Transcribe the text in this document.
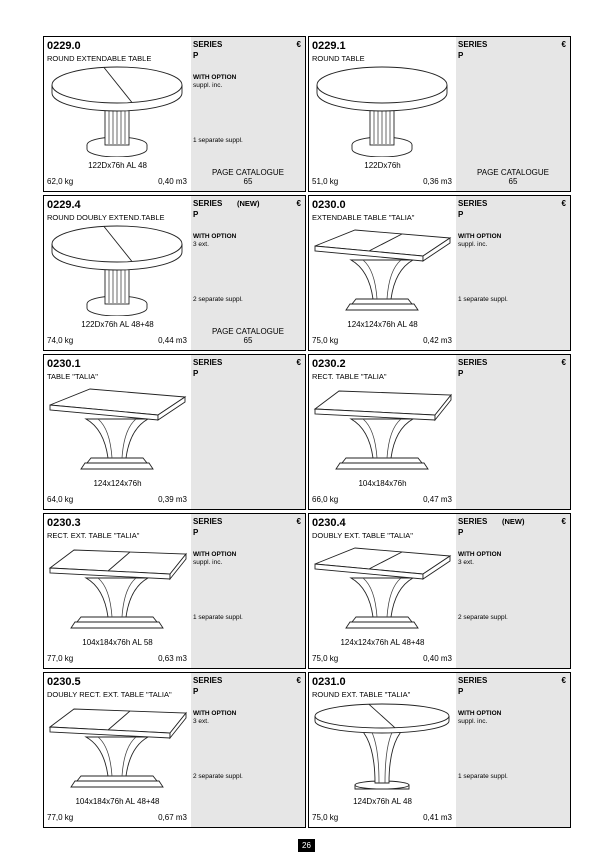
0229.0
ROUND EXTENDABLE TABLE
122Dx76h AL 48
62,0 kg	0,40 m3
SERIES	€
P
WITH OPTION
suppl. inc.
1 separate suppl.
PAGE CATALOGUE
65
0229.1
ROUND TABLE
122Dx76h
51,0 kg	0,36 m3
SERIES	€
P
PAGE CATALOGUE
65
0229.4
ROUND DOUBLY EXTEND.TABLE
122Dx76h AL 48+48
74,0 kg	0,44 m3
SERIES (NEW)	€
P
WITH OPTION
3 ext.
2 separate suppl.
PAGE CATALOGUE
65
0230.0
EXTENDABLE TABLE "TALIA"
124x124x76h AL 48
75,0 kg	0,42 m3
SERIES	€
P
WITH OPTION
suppl. inc.
1 separate suppl.

0230.1
TABLE "TALIA"
124x124x76h
64,0 kg	0,39 m3
SERIES	€
P

0230.2
RECT. TABLE "TALIA"
104x184x76h
66,0 kg	0,47 m3
SERIES	€
P

0230.3
RECT. EXT. TABLE "TALIA"
104x184x76h AL 58
77,0 kg	0,63 m3
SERIES	€
P
WITH OPTION
suppl. inc.
1 separate suppl.

0230.4
DOUBLY EXT. TABLE "TALIA"
124x124x76h AL 48+48
75,0 kg	0,40 m3
SERIES (NEW)	€
P
WITH OPTION
3 ext.
2 separate suppl.

0230.5
DOUBLY RECT. EXT. TABLE "TALIA"
104x184x76h AL 48+48
77,0 kg	0,67 m3
SERIES	€
P
WITH OPTION
3 ext.
2 separate suppl.

0231.0
ROUND EXT. TABLE "TALIA"
124Dx76h AL 48
75,0 kg	0,41 m3
SERIES	€
P
WITH OPTION
suppl. inc.
1 separate suppl.

26
